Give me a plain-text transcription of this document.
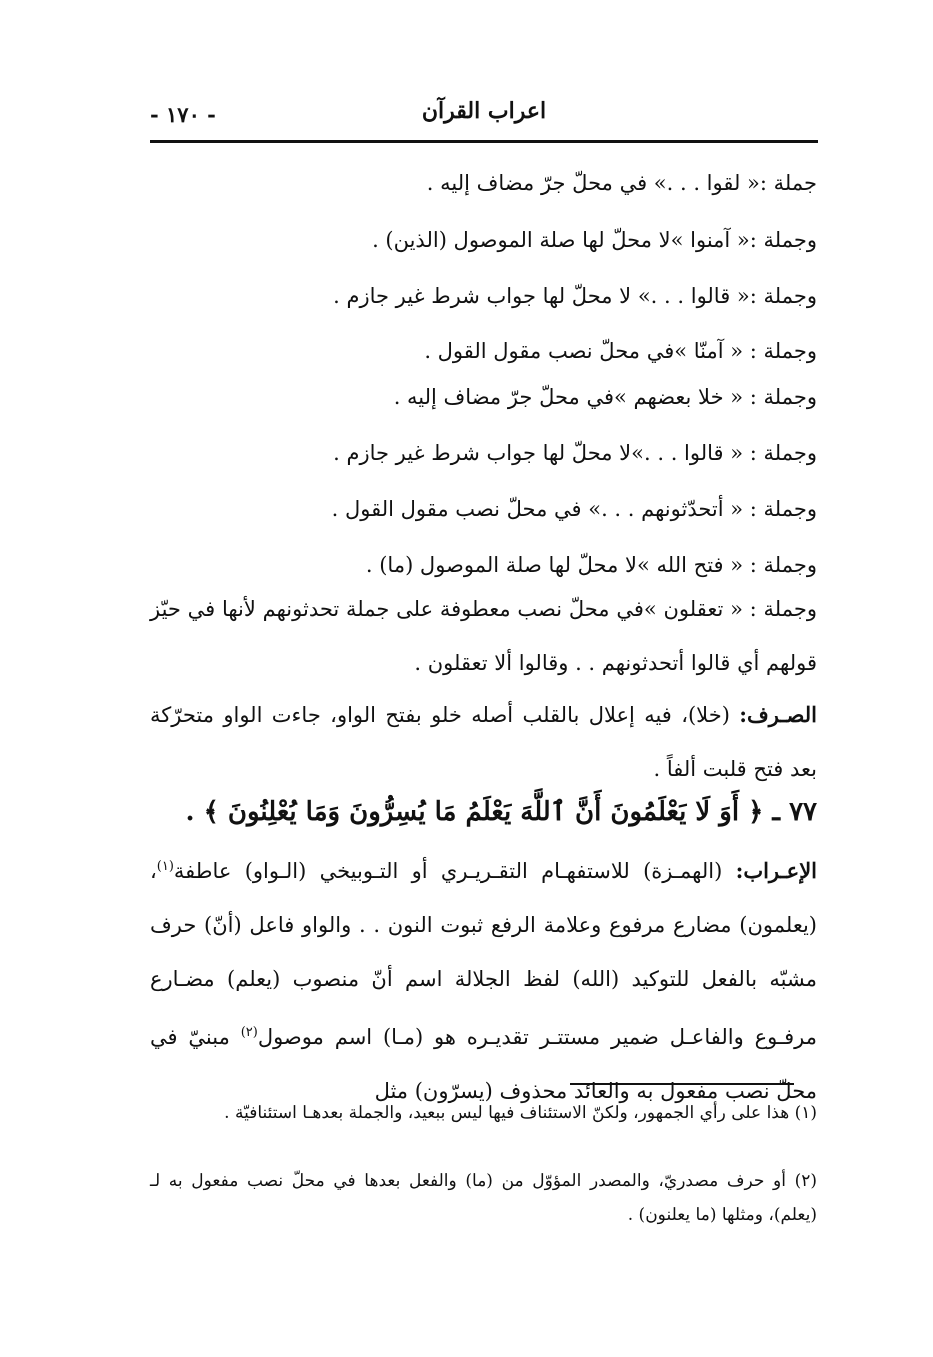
اعراب القرآن
- ١٧٠ -
جملة :« لقوا . . .» في محلّ جرّ مضاف إليه .
وجملة :« آمنوا »لا محلّ لها صلة الموصول (الذين) .
وجملة :« قالوا . . .» لا محلّ لها جواب شرط غير جازم .
وجملة : « آمنّا »في محلّ نصب مقول القول .
وجملة : « خلا بعضهم »في محلّ جرّ مضاف إليه .
وجملة : « قالوا . . .»لا محلّ لها جواب شرط غير جازم .
وجملة : « أتحدّثونهم . . .» في محلّ نصب مقول القول .
وجملة : « فتح الله »لا محلّ لها صلة الموصول (ما) .
وجملة : « تعقلون »في محلّ نصب معطوفة على جملة تحدثونهم لأنها في حيّز قولهم أي قالوا أتحدثونهم . . وقالوا ألا تعقلون .
الصـرف: (خلا)، فيه إعلال بالقلب أصله خلو بفتح الواو، جاءت الواو متحرّكة بعد فتح قلبت ألفاً .
٧٧ ـ ﴿ أَوَ لَا يَعْلَمُونَ أَنَّ ٱللَّهَ يَعْلَمُ مَا يُسِرُّونَ وَمَا يُعْلِنُونَ ﴾ .
الإعـراب: (الهمـزة) للاستفهـام التقـريـري أو التـوبيخي (الـواو) عاطفة$^{(١)}$، (يعلمون) مضارع مرفوع وعلامة الرفع ثبوت النون . . والواو فاعل (أنّ) حرف مشبّه بالفعل للتوكيد (الله) لفظ الجلالة اسم أنّ منصوب (يعلم) مضـارع مرفـوع والفاعـل ضمير مستتـر تقديـره هو (مـا) اسم موصول$^{(٢)}$ مبنيّ في محلّ نصب مفعول به والعائد محذوف (يسرّون) مثل
(١) هذا على رأي الجمهور، ولكنّ الاستئناف فيها ليس ببعيد، والجملة بعدهـا استئنافيّة .
(٢) أو حرف مصدريّ، والمصدر المؤوّل من (ما) والفعل بعدها في محلّ نصب مفعول به لـ (يعلم)، ومثلها (ما يعلنون) .
